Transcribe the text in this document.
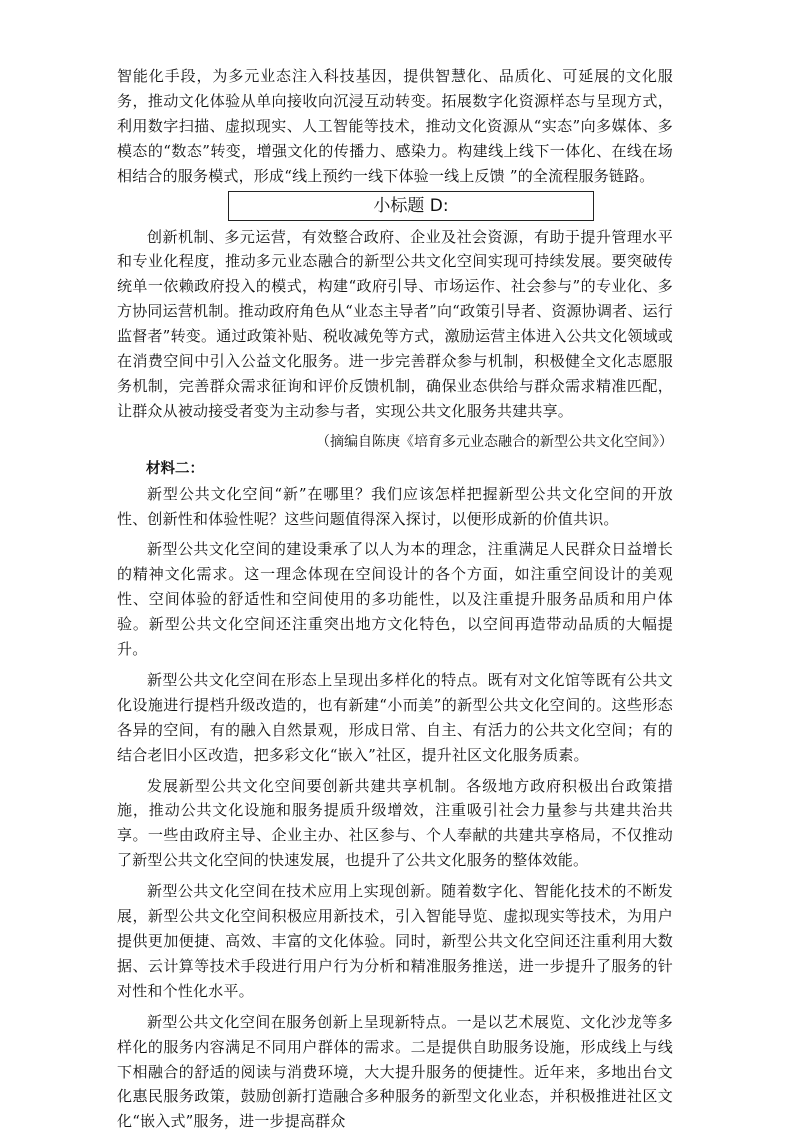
智能化手段，为多元业态注入科技基因，提供智慧化、品质化、可延展的文化服务，推动文化体验从单向接收向沉浸互动转变。拓展数字化资源样态与呈现方式，利用数字扫描、虚拟现实、人工智能等技术，推动文化资源从“实态”向多媒体、多模态的“数态”转变，增强文化的传播力、感染力。构建线上线下一体化、在线在场相结合的服务模式，形成“线上预约一线下体验一线上反馈 ”的全流程服务链路。

小标题 D:

创新机制、多元运营，有效整合政府、企业及社会资源，有助于提升管理水平和专业化程度，推动多元业态融合的新型公共文化空间实现可持续发展。要突破传统单一依赖政府投入的模式，构建“政府引导、市场运作、社会参与”的专业化、多方协同运营机制。推动政府角色从“业态主导者”向“政策引导者、资源协调者、运行监督者”转变。通过政策补贴、税收减免等方式，激励运营主体进入公共文化领域或在消费空间中引入公益文化服务。进一步完善群众参与机制，积极健全文化志愿服务机制，完善群众需求征询和评价反馈机制，确保业态供给与群众需求精准匹配，让群众从被动接受者变为主动参与者，实现公共文化服务共建共享。

（摘编自陈庚《培育多元业态融合的新型公共文化空间》）

材料二：

新型公共文化空间“新”在哪里？我们应该怎样把握新型公共文化空间的开放性、创新性和体验性呢？这些问题值得深入探讨，以便形成新的价值共识。

新型公共文化空间的建设秉承了以人为本的理念，注重满足人民群众日益增长的精神文化需求。这一理念体现在空间设计的各个方面，如注重空间设计的美观性、空间体验的舒适性和空间使用的多功能性，以及注重提升服务品质和用户体验。新型公共文化空间还注重突出地方文化特色，以空间再造带动品质的大幅提升。

新型公共文化空间在形态上呈现出多样化的特点。既有对文化馆等既有公共文化设施进行提档升级改造的，也有新建“小而美”的新型公共文化空间的。这些形态各异的空间，有的融入自然景观，形成日常、自主、有活力的公共文化空间；有的结合老旧小区改造，把多彩文化“嵌入”社区，提升社区文化服务质素。

发展新型公共文化空间要创新共建共享机制。各级地方政府积极出台政策措施，推动公共文化设施和服务提质升级增效，注重吸引社会力量参与共建共治共享。一些由政府主导、企业主办、社区参与、个人奉献的共建共享格局，不仅推动了新型公共文化空间的快速发展，也提升了公共文化服务的整体效能。

新型公共文化空间在技术应用上实现创新。随着数字化、智能化技术的不断发展，新型公共文化空间积极应用新技术，引入智能导览、虚拟现实等技术，为用户提供更加便捷、高效、丰富的文化体验。同时，新型公共文化空间还注重利用大数据、云计算等技术手段进行用户行为分析和精准服务推送，进一步提升了服务的针对性和个性化水平。

新型公共文化空间在服务创新上呈现新特点。一是以艺术展览、文化沙龙等多样化的服务内容满足不同用户群体的需求。二是提供自助服务设施，形成线上与线下相融合的舒适的阅读与消费环境，大大提升服务的便捷性。近年来，多地出台文化惠民服务政策，鼓励创新打造融合多种服务的新型文化业态，并积极推进社区文化“嵌入式”服务，进一步提高群众
